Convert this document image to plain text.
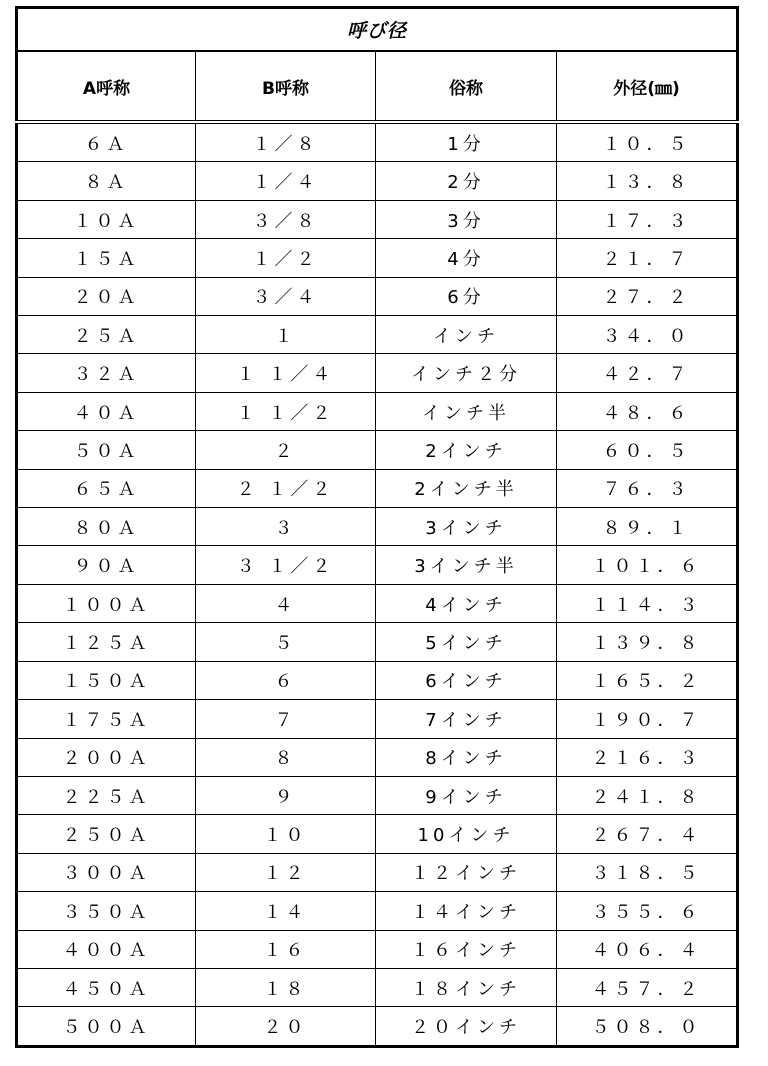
呼び径			
A呼称	B呼称	俗称	外径(㎜)
６Ａ	１／８	1分	１０．５
８Ａ	１／４	2分	１３．８
１０Ａ	３／８	3分	１７．３
１５Ａ	１／２	4分	２１．７
２０Ａ	３／４	6分	２７．２
２５Ａ	１	インチ	３４．０
３２Ａ	１ １／４	インチ２分	４２．７
４０Ａ	１ １／２	インチ半	４８．６
５０Ａ	２	2インチ	６０．５
６５Ａ	２ １／２	2インチ半	７６．３
８０Ａ	３	3インチ	８９．１
９０Ａ	３ １／２	3インチ半	１０１．６
１００Ａ	４	4インチ	１１４．３
１２５Ａ	５	5インチ	１３９．８
１５０Ａ	６	6インチ	１６５．２
１７５Ａ	７	7インチ	１９０．７
２００Ａ	８	8インチ	２１６．３
２２５Ａ	９	9インチ	２４１．８
２５０Ａ	１０	10インチ	２６７．４
３００Ａ	１２	１２インチ	３１８．５
３５０Ａ	１４	１４インチ	３５５．６
４００Ａ	１６	１６インチ	４０６．４
４５０Ａ	１８	１８インチ	４５７．２
５００Ａ	２０	２０インチ	５０８．０
